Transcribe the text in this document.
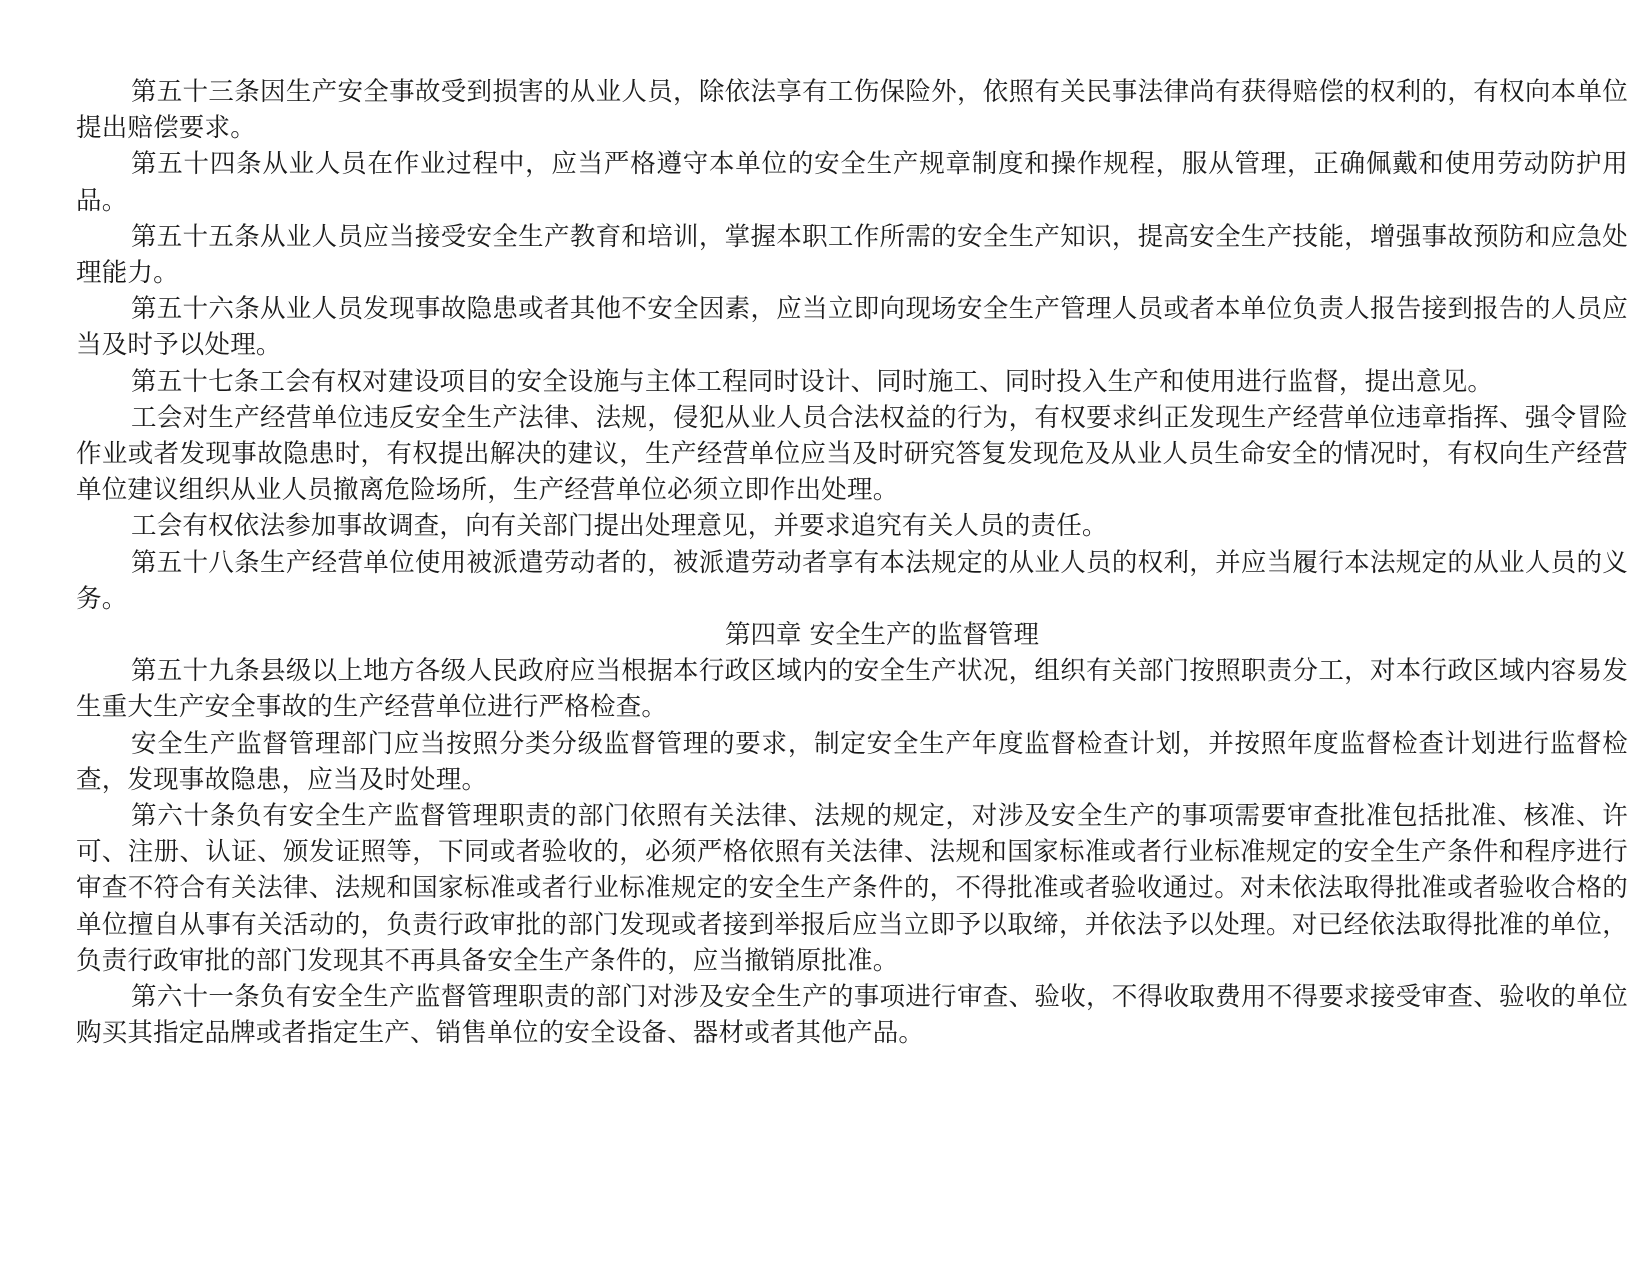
第五十三条因生产安全事故受到损害的从业人员，除依法享有工伤保险外，依照有关民事法律尚有获得赔偿的权利的，有权向本单位提出赔偿要求。

第五十四条从业人员在作业过程中，应当严格遵守本单位的安全生产规章制度和操作规程，服从管理，正确佩戴和使用劳动防护用品。

第五十五条从业人员应当接受安全生产教育和培训，掌握本职工作所需的安全生产知识，提高安全生产技能，增强事故预防和应急处理能力。

第五十六条从业人员发现事故隐患或者其他不安全因素，应当立即向现场安全生产管理人员或者本单位负责人报告接到报告的人员应当及时予以处理。

第五十七条工会有权对建设项目的安全设施与主体工程同时设计、同时施工、同时投入生产和使用进行监督，提出意见。

工会对生产经营单位违反安全生产法律、法规，侵犯从业人员合法权益的行为，有权要求纠正发现生产经营单位违章指挥、强令冒险作业或者发现事故隐患时，有权提出解决的建议，生产经营单位应当及时研究答复发现危及从业人员生命安全的情况时，有权向生产经营单位建议组织从业人员撤离危险场所，生产经营单位必须立即作出处理。

工会有权依法参加事故调查，向有关部门提出处理意见，并要求追究有关人员的责任。

第五十八条生产经营单位使用被派遣劳动者的，被派遣劳动者享有本法规定的从业人员的权利，并应当履行本法规定的从业人员的义务。

第四章 安全生产的监督管理

第五十九条县级以上地方各级人民政府应当根据本行政区域内的安全生产状况，组织有关部门按照职责分工，对本行政区域内容易发生重大生产安全事故的生产经营单位进行严格检查。

安全生产监督管理部门应当按照分类分级监督管理的要求，制定安全生产年度监督检查计划，并按照年度监督检查计划进行监督检查，发现事故隐患，应当及时处理。

第六十条负有安全生产监督管理职责的部门依照有关法律、法规的规定，对涉及安全生产的事项需要审查批准包括批准、核准、许可、注册、认证、颁发证照等，下同或者验收的，必须严格依照有关法律、法规和国家标准或者行业标准规定的安全生产条件和程序进行审查不符合有关法律、法规和国家标准或者行业标准规定的安全生产条件的，不得批准或者验收通过。对未依法取得批准或者验收合格的单位擅自从事有关活动的，负责行政审批的部门发现或者接到举报后应当立即予以取缔，并依法予以处理。对已经依法取得批准的单位，负责行政审批的部门发现其不再具备安全生产条件的，应当撤销原批准。

第六十一条负有安全生产监督管理职责的部门对涉及安全生产的事项进行审查、验收，不得收取费用不得要求接受审查、验收的单位购买其指定品牌或者指定生产、销售单位的安全设备、器材或者其他产品。
